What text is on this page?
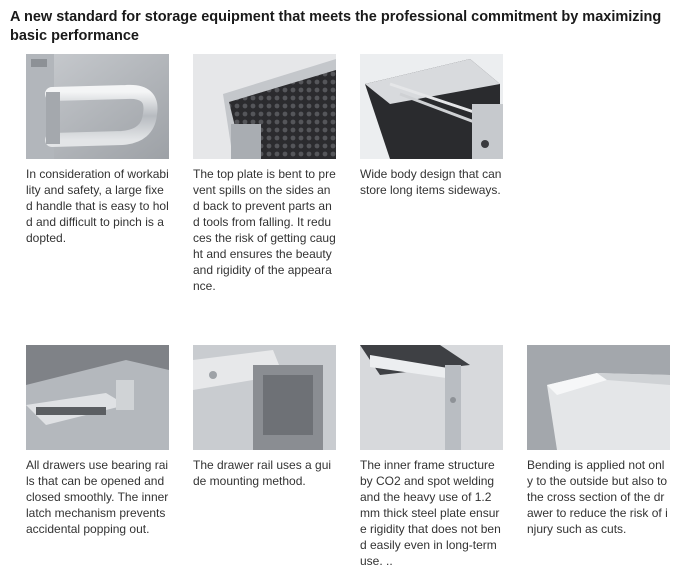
A new standard for storage equipment that meets the professional commitment by maximizing basic performance
In consideration of workability and safety, a large fixed handle that is easy to hold and difficult to pinch is adopted.
The top plate is bent to prevent spills on the sides and back to prevent parts and tools from falling. It reduces the risk of getting caught and ensures the beauty and rigidity of the appearance.
Wide body design that can store long items sideways.
All drawers use bearing rails that can be opened and closed smoothly. The inner latch mechanism prevents accidental popping out.
The drawer rail uses a guide mounting method.
The inner frame structure by CO2 and spot welding and the heavy use of 1.2 mm thick steel plate ensure rigidity that does not bend easily even in long-term use. ..
Bending is applied not only to the outside but also to the cross section of the drawer to reduce the risk of injury such as cuts.
